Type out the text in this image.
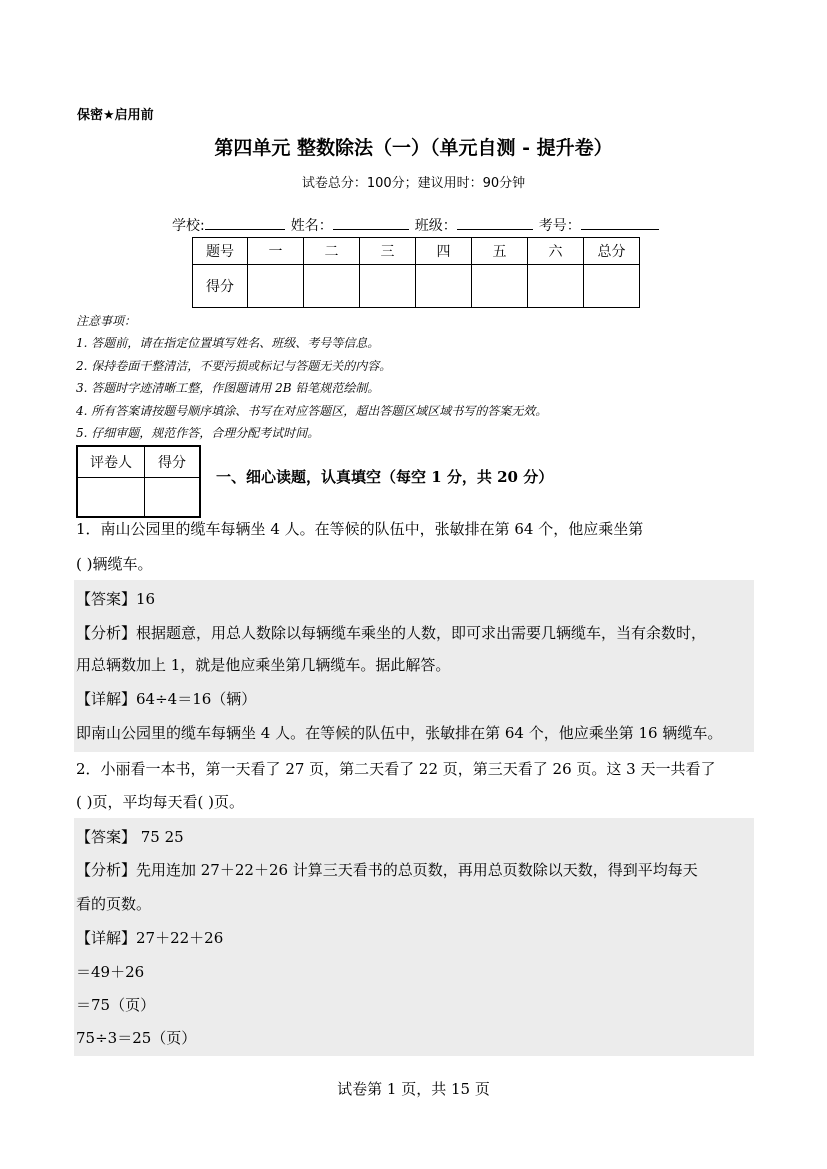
保密★启用前
第四单元 整数除法（一）（单元自测 - 提升卷）
试卷总分：100分；建议用时：90分钟
学校:	姓名：	班级：	考号：
题号	一	二	三	四	五	六	总分
得分							
注意事项：
1. 答题前，请在指定位置填写姓名、班级、考号等信息。
2. 保持卷面干整清洁，不要污损或标记与答题无关的内容。
3. 答题时字迹清晰工整，作图题请用 2B 铅笔规范绘制。
4. 所有答案请按题号顺序填涂、书写在对应答题区，超出答题区域区域书写的答案无效。
5. 仔细审题，规范作答，合理分配考试时间。
评卷人	得分

一、细心读题，认真填空（每空 1 分，共 20 分）
1．南山公园里的缆车每辆坐 4 人。在等候的队伍中，张敏排在第 64 个，他应乘坐第
( )辆缆车。
【答案】16
【分析】根据题意，用总人数除以每辆缆车乘坐的人数，即可求出需要几辆缆车，当有余数时，
用总辆数加上 1，就是他应乘坐第几辆缆车。据此解答。
【详解】64÷4＝16（辆）
即南山公园里的缆车每辆坐 4 人。在等候的队伍中，张敏排在第 64 个，他应乘坐第 16 辆缆车。
2．小丽看一本书，第一天看了 27 页，第二天看了 22 页，第三天看了 26 页。这 3 天一共看了
( )页，平均每天看( )页。
【答案】 75 25
【分析】先用连加 27＋22＋26 计算三天看书的总页数，再用总页数除以天数，得到平均每天
看的页数。
【详解】27＋22＋26
＝49＋26
＝75（页）
75÷3＝25（页）
试卷第 1 页，共 15 页
